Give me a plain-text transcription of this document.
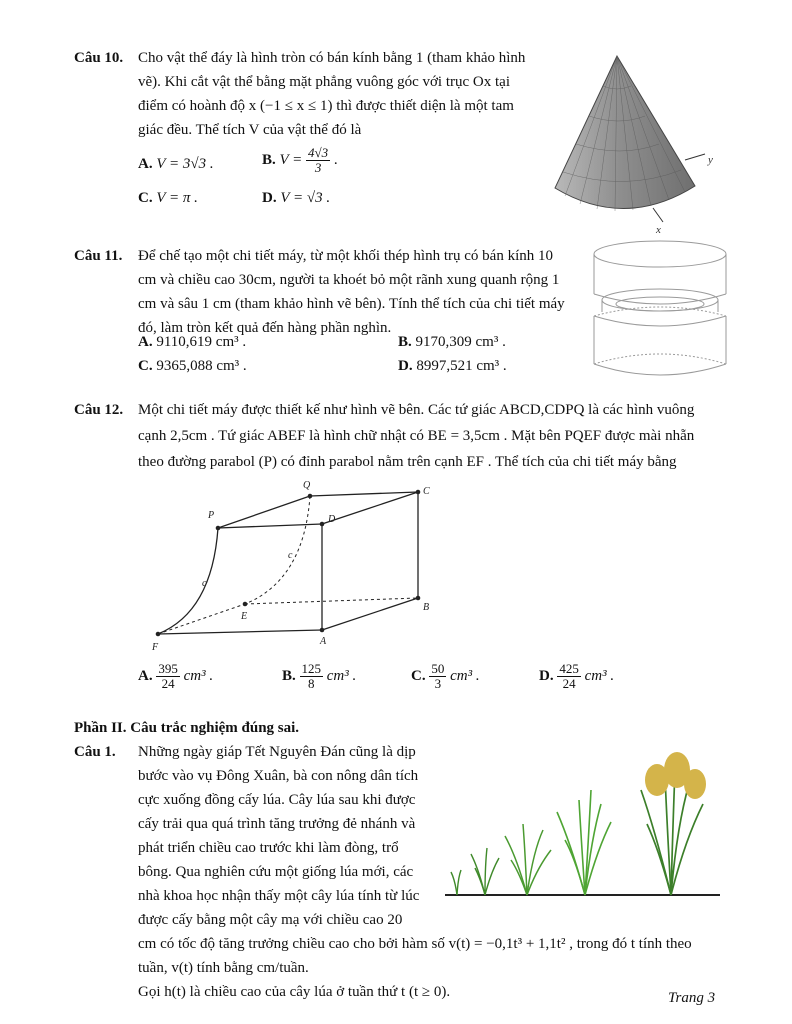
Câu 10. Cho vật thể đáy là hình tròn có bán kính bằng 1 (tham khảo hình
vẽ). Khi cắt vật thể bằng mặt phẳng vuông góc với trục Ox tại
điểm có hoành độ x (−1 ≤ x ≤ 1) thì được thiết diện là một tam
giác đều. Thể tích V của vật thể đó là
A. V = 3√3 .	B. $V = \frac{4√3}{3}$ .
C. V = π .	D. V = √3 .
y
x
Câu 11. Để chế tạo một chi tiết máy, từ một khối thép hình trụ có bán kính 10
cm và chiều cao 30cm, người ta khoét bỏ một rãnh xung quanh rộng 1
cm và sâu 1 cm (tham khảo hình vẽ bên). Tính thể tích của chi tiết máy
đó, làm tròn kết quả đến hàng phần nghìn.
A. 9110,619 cm³ .	B. 9170,309 cm³ .
C. 9365,088 cm³ .	D. 8997,521 cm³ .
Câu 12. Một chi tiết máy được thiết kế như hình vẽ bên. Các tứ giác ABCD,CDPQ là các hình vuông
cạnh 2,5cm . Tứ giác ABEF là hình chữ nhật có BE = 3,5cm . Mặt bên PQEF được mài nhẵn
theo đường parabol (P) có đỉnh parabol nằm trên cạnh EF . Thể tích của chi tiết máy bằng
Q
C
P	D
E
B
F
A
c
c
A. $\frac{395}{24} cm^3$ .	B. $\frac{125}{8} cm^3$ .	C. $\frac{50}{3} cm^3$ .	D. $\frac{425}{24} cm^3$ .
Phần II. Câu trắc nghiệm đúng sai.
Câu 1. Những ngày giáp Tết Nguyên Đán cũng là dịp
bước vào vụ Đông Xuân, bà con nông dân tích
cực xuống đồng cấy lúa. Cây lúa sau khi được
cấy trải qua quá trình tăng trưởng đẻ nhánh và
phát triển chiều cao trước khi làm đòng, trổ
bông. Qua nghiên cứu một giống lúa mới, các
nhà khoa học nhận thấy một cây lúa tính từ lúc
được cấy bằng một cây mạ với chiều cao 20
cm có tốc độ tăng trưởng chiều cao cho bởi hàm số v(t) = −0,1t³ + 1,1t² , trong đó t tính theo
tuần, v(t) tính bằng cm/tuần.
Gọi h(t) là chiều cao của cây lúa ở tuần thứ t (t ≥ 0).	Trang 3
